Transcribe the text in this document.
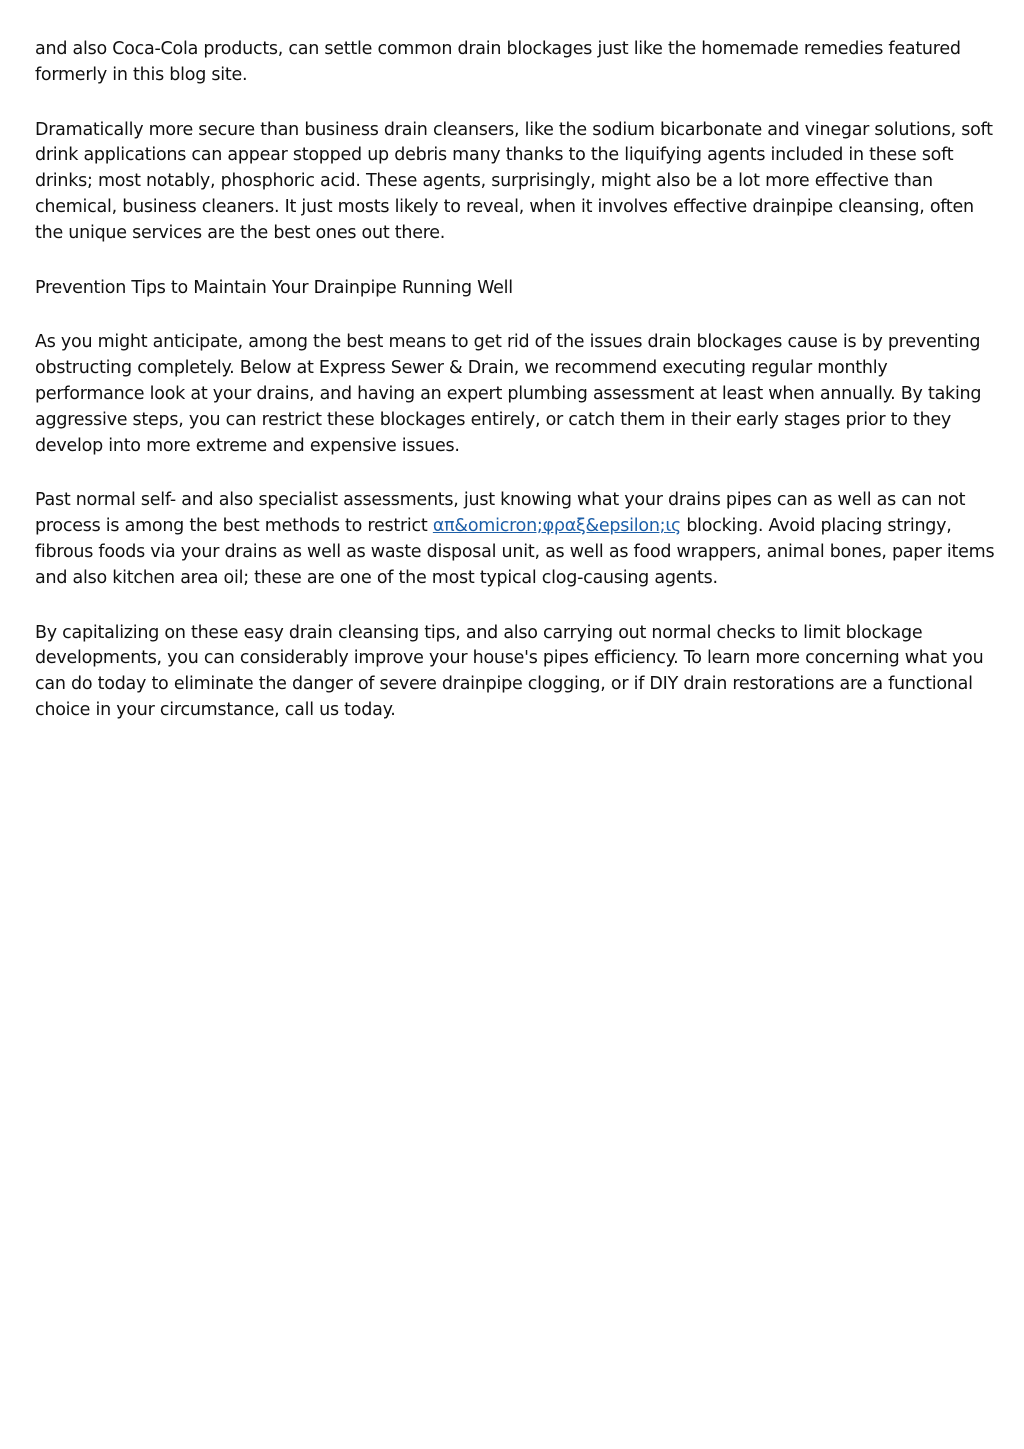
and also Coca-Cola products, can settle common drain blockages just like the homemade remedies featured formerly in this blog site.

Dramatically more secure than business drain cleansers, like the sodium bicarbonate and vinegar solutions, soft drink applications can appear stopped up debris many thanks to the liquifying agents included in these soft drinks; most notably, phosphoric acid. These agents, surprisingly, might also be a lot more effective than chemical, business cleaners. It just mosts likely to reveal, when it involves effective drainpipe cleansing, often the unique services are the best ones out there.

Prevention Tips to Maintain Your Drainpipe Running Well

As you might anticipate, among the best means to get rid of the issues drain blockages cause is by preventing obstructing completely. Below at Express Sewer & Drain, we recommend executing regular monthly performance look at your drains, and having an expert plumbing assessment at least when annually. By taking aggressive steps, you can restrict these blockages entirely, or catch them in their early stages prior to they develop into more extreme and expensive issues.

Past normal self- and also specialist assessments, just knowing what your drains pipes can as well as can not process is among the best methods to restrict απ&omicron;φραξ&epsilon;ις blocking. Avoid placing stringy, fibrous foods via your drains as well as waste disposal unit, as well as food wrappers, animal bones, paper items and also kitchen area oil; these are one of the most typical clog-causing agents.

By capitalizing on these easy drain cleansing tips, and also carrying out normal checks to limit blockage developments, you can considerably improve your house's pipes efficiency. To learn more concerning what you can do today to eliminate the danger of severe drainpipe clogging, or if DIY drain restorations are a functional choice in your circumstance, call us today.
